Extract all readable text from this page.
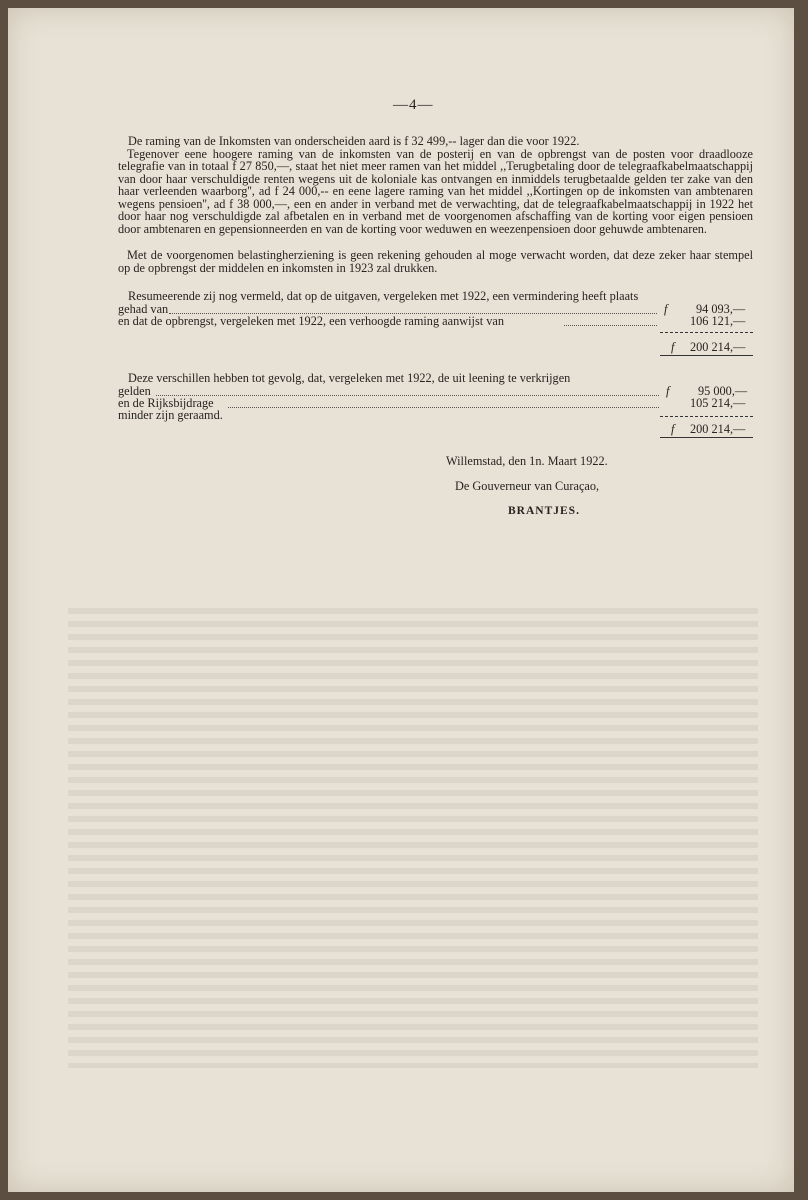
—4—
De raming van de Inkomsten van onderscheiden aard is f 32 499,-- lager dan die voor 1922.
Tegenover eene hoogere raming van de inkomsten van de posterij en van de opbrengst van de posten voor draadlooze telegrafie van in totaal f 27 850,—, staat het niet meer ramen van het middel ,,Terugbetaling door de telegraafkabelmaatschappij van door haar verschuldigde renten wegens uit de koloniale kas ontvangen en inmiddels terugbetaalde gelden ter zake van den haar verleenden waarborg'', ad f 24 000,-- en eene lagere raming van het middel ,,Kortingen op de inkomsten van ambtenaren wegens pensioen'', ad f 38 000,—, een en ander in verband met de verwachting, dat de telegraafkabelmaatschappij in 1922 het door haar nog verschuldigde zal afbetalen en in verband met de voorgenomen afschaffing van de korting voor eigen pensioen door ambtenaren en gepensionneerden en van de korting voor weduwen en weezenpensioen door gehuwde ambtenaren.
Met de voorgenomen belastingherziening is geen rekening gehouden al moge verwacht worden, dat deze zeker haar stempel op de opbrengst der middelen en inkomsten in 1923 zal drukken.
Resumeerende zij nog vermeld, dat op de uitgaven, vergeleken met 1922, een vermindering heeft plaats
gehad van	f 94 093,—
en dat de opbrengst, vergeleken met 1922, een verhoogde raming aanwijst van	106 121,—
f 200 214,—
Deze verschillen hebben tot gevolg, dat, vergeleken met 1922, de uit leening te verkrijgen
gelden	f 95 000,—
en de Rijksbijdrage	105 214,—
minder zijn geraamd.
f 200 214,—
Willemstad, den 1n. Maart 1922.
De Gouverneur van Curaçao,
BRANTJES.
